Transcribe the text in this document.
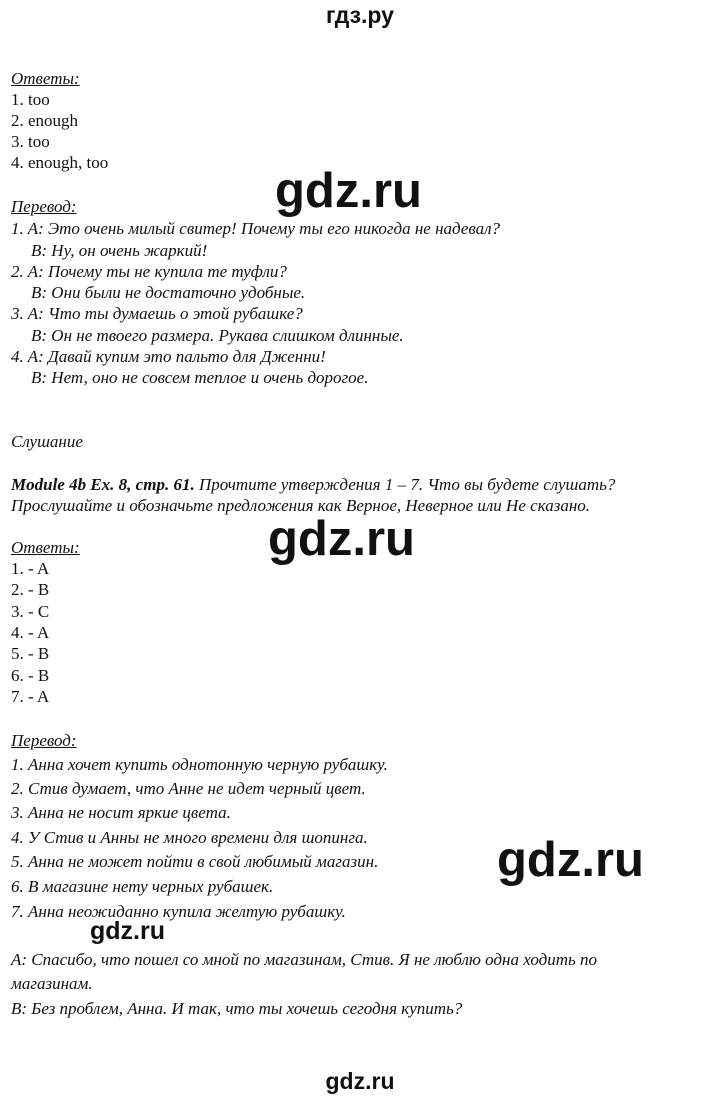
гдз.ру
Ответы:
1. too
2. enough
3. too
4. enough, too
gdz.ru
Перевод:
1. A: Это очень милый свитер! Почему ты его никогда не надевал?
B: Ну, он очень жаркий!
2. A: Почему ты не купила те туфли?
B: Они были не достаточно удобные.
3. A: Что ты думаешь о этой рубашке?
B: Он не твоего размера. Рукава слишком длинные.
4. A: Давай купим это пальто для Дженни!
B: Нет, оно не совсем теплое и очень дорогое.
Слушание
Module 4b Ex. 8, стр. 61. Прочтите утверждения 1 – 7. Что вы будете слушать?
Прослушайте и обозначьте предложения как Верное, Неверное или Не сказано.
gdz.ru
Ответы:
1. - A
2. - B
3. - C
4. - A
5. - B
6. - B
7. - A
Перевод:
1. Анна хочет купить однотонную черную рубашку.
2. Стив думает, что Анне не идет черный цвет.
3. Анна не носит яркие цвета.
4. У Стив и Анны не много времени для шопинга.
5. Анна не может пойти в свой любимый магазин.
6. В магазине нету черных рубашек.
7. Анна неожиданно купила желтую рубашку.
gdz.ru
gdz.ru
A: Спасибо, что пошел со мной по магазинам, Стив. Я не люблю одна ходить по
магазинам.
B: Без проблем, Анна. И так, что ты хочешь сегодня купить?
gdz.ru
